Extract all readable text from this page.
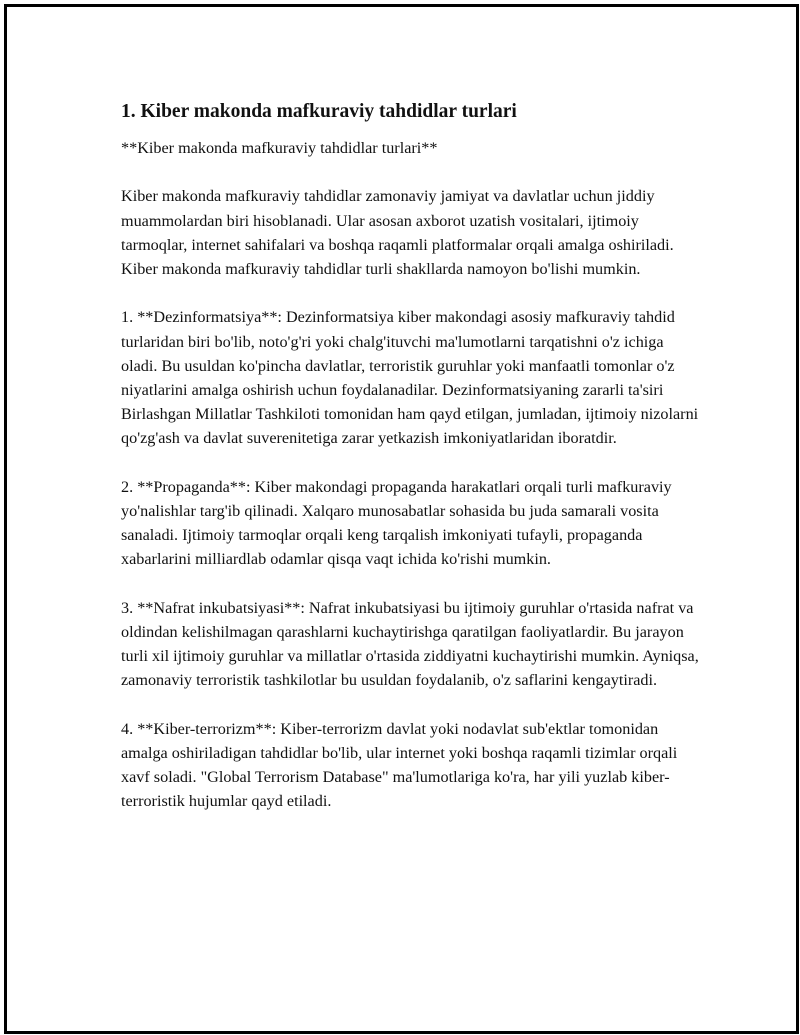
1. Kiber makonda mafkuraviy tahdidlar turlari

**Kiber makonda mafkuraviy tahdidlar turlari**

Kiber makonda mafkuraviy tahdidlar zamonaviy jamiyat va davlatlar uchun jiddiy muammolardan biri hisoblanadi. Ular asosan axborot uzatish vositalari, ijtimoiy tarmoqlar, internet sahifalari va boshqa raqamli platformalar orqali amalga oshiriladi. Kiber makonda mafkuraviy tahdidlar turli shakllarda namoyon bo'lishi mumkin.

1. **Dezinformatsiya**: Dezinformatsiya kiber makondagi asosiy mafkuraviy tahdid turlaridan biri bo'lib, noto'g'ri yoki chalg'ituvchi ma'lumotlarni tarqatishni o'z ichiga oladi. Bu usuldan ko'pincha davlatlar, terroristik guruhlar yoki manfaatli tomonlar o'z niyatlarini amalga oshirish uchun foydalanadilar. Dezinformatsiyaning zararli ta'siri Birlashgan Millatlar Tashkiloti tomonidan ham qayd etilgan, jumladan, ijtimoiy nizolarni qo'zg'ash va davlat suverenitetiga zarar yetkazish imkoniyatlaridan iboratdir.

2. **Propaganda**: Kiber makondagi propaganda harakatlari orqali turli mafkuraviy yo'nalishlar targ'ib qilinadi. Xalqaro munosabatlar sohasida bu juda samarali vosita sanaladi. Ijtimoiy tarmoqlar orqali keng tarqalish imkoniyati tufayli, propaganda xabarlarini milliardlab odamlar qisqa vaqt ichida ko'rishi mumkin.

3. **Nafrat inkubatsiyasi**: Nafrat inkubatsiyasi bu ijtimoiy guruhlar o'rtasida nafrat va oldindan kelishilmagan qarashlarni kuchaytirishga qaratilgan faoliyatlardir. Bu jarayon turli xil ijtimoiy guruhlar va millatlar o'rtasida ziddiyatni kuchaytirishi mumkin. Ayniqsa, zamonaviy terroristik tashkilotlar bu usuldan foydalanib, o'z saflarini kengaytiradi.

4. **Kiber-terrorizm**: Kiber-terrorizm davlat yoki nodavlat sub'ektlar tomonidan amalga oshiriladigan tahdidlar bo'lib, ular internet yoki boshqa raqamli tizimlar orqali xavf soladi. "Global Terrorism Database" ma'lumotlariga ko'ra, har yili yuzlab kiber-terroristik hujumlar qayd etiladi.
